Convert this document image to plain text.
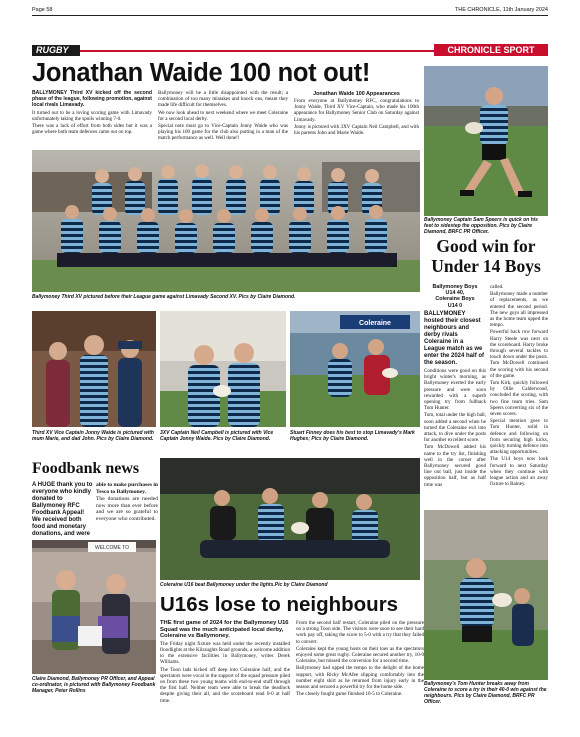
Page 58	THE CHRONICLE, 11th January 2024
RUGBY	CHRONICLE SPORT
Jonathan Waide 100 not out!

BALLYMONEY Third XV kicked off the second phase of the league, following promotion, against local rivals Limavady.

It turned out to be a loving scoring game with Limavady unfortunately taking the spoils winning 7-0.

There was a lack of effort from both sides but it was a game where both team defences came out on top.

Ballymoney will be a little disappointed with the result; a combination of too many mistakes and knock ons, meant they made life difficult for themselves.

We now look ahead to next weekend where we meet Coleraine for a second local derby.

Special note must go to Vice-Captain Jonny Waide who was playing his 100 game for the club also putting in a man of the match performance as well. Well done!!

Jonathan Waide 100 Appearances

From everyone at Ballymoney RFC, congratulations to Jonny Waide, Third XV Vice-Captain, who made his 100th appearance for Ballymoney Senior Club on Saturday against Limavady.

Jonny is pictured with 3XV Captain Neil Campbell, and with his parents John and Marie Waide.

Ballymoney Third XV pictured before their League game against Limavady Second XV. Pics by Claire Diamond.
Ballymoney Captain Sam Speers is quick on his feet to sidestep the opposition. Pics by Claire Diamond, BRFC PR Officer.
Good win for
Under 14 Boys
Ballymoney Boys
U14 40,
Coleraine Boys
U14 0

BALLYMONEY hosted their closest neighbours and derby rivals Coleraine in a League match as we enter the 2024 half of the season.

Conditions were good on this bright winter's morning, as Ballymoney exerted the early pressure and were soon rewarded with a superb opening try from fullback Tom Hunter.

Tom, total under the high ball, soon added a second when he turned the Coleraine exit into attack, to dive under the posts for another excellent score.

Tom McDowell added his name to the try list, finishing well in the corner after Ballymoney secured good line out ball, just inside the opposition half, but as half time was

called.

Ballymoney made a number of replacements, as we entered the second period. The new guys all impressed as the home team upped the tempo.

Powerful back row forward Harry Steele was next on the scoreboard. Harry broke through several tackles to touch down under the posts. Tom McDowell continued the scoring with his second of the game.

Tom Kirk, quickly followed by Ollie Calderwood, concluded the scoring, with two fine team tries. Sam Speers converting six of the seven scores.

Special mention goes to Tom Hunter, solid in defence and following on from securing high kicks, quickly turning defence into attacking opportunities.

The U14 boys now look forward to next Saturday when they continue with league action and an away fixture to Rainey.

Third XV Vice Captain Jonny Waide is pictured with mum Marie, and dad John. Pics by Claire Diamond.
3XV Captain Neil Campbell is pictured with Vice Captain Jonny Waide. Pics by Claire Diamond.
Coleraine
Stuart Finney does his best to stop Limavady's Mark Hughes; Pics by Claire Diamond.
Foodbank news

A HUGE thank you to everyone who kindly donated to Ballymoney RFC Foodbank Appeal! We received both food and monetary donations, and were

able to make purchases in Tesco to Ballymoney.

The donations are needed now more than ever before and we are so grateful to everyone who contributed.

WELCOME TO
Claire Diamond, Ballymoney PR Officer, and Appeal co-ordinator, is pictured with Ballymoney Foodbank Manager, Peter Rollins
Coleraine U16 beat Ballymoney under the lights.Pic by Claire Diamond
U16s lose to neighbours

THE first game of 2024 for the Ballymoney U16 Squad was the much anticipated local derby, Coleraine vs Ballymoney.

The Friday night fixture was held under the recently installed floodlights at the Kilraughts Road grounds, a welcome addition to the extensive facilities in Ballymoney, writes Derek Williams.

The Toon lads kicked off deep into Coleraine half, and the spectators were vocal in the support of the squad pressure piled on from these two young teams with end-to-end stuff through the first half. Neither team were able to break the deadlock despite giving their all, and the scoreboard read 0-0 at half time.

From the second half restart, Coleraine piled on the pressure on a strong Toon side. The visitors were soon to see their hard work pay off, taking the score to 5-0 with a try that they failed to convert.

Coleraine kept the young hosts on their toes as the spectators enjoyed some great rugby. Coleraine secured another try, 10-0 Coleraine, but missed the conversion for a second time.

Ballymoney had upped the tempo to the delight of the home support, with Ricky McAfee slipping comfortably into the number eight shirt as he returned from injury early in the season and secured a powerful try for the home side.

The closely fought game finished 10-5 to Coleraine.

Ballymoney's Tom Hunter breaks away from Coleraine to score a try in their 40-0 win against the neighbours. Pics by Claire Diamond, BRFC PR Officer.
